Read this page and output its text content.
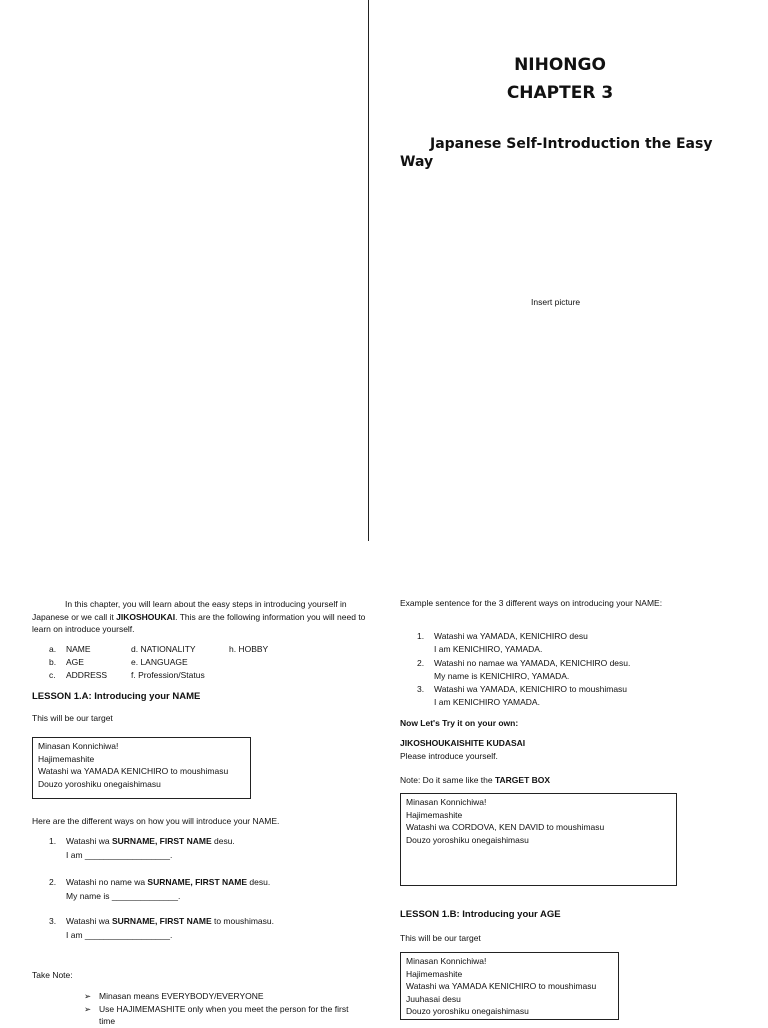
NIHONGO
CHAPTER 3
Japanese Self-Introduction the Easy Way
Insert picture
In this chapter, you will learn about the easy steps in introducing yourself in Japanese or we call it JIKOSHOUKAI. This are the following information you will need to learn on introduce yourself.
a. NAME	d. NATIONALITY	h. HOBBY
b. AGE	e. LANGUAGE
c. ADDRESS	f. Profession/Status
LESSON 1.A: Introducing your NAME
This will be our target
Minasan Konnichiwa!
Hajimemashite
Watashi wa YAMADA KENICHIRO to moushimasu
Douzo yoroshiku onegaishimasu
Here are the different ways on how you will introduce your NAME.
1. Watashi wa SURNAME, FIRST NAME desu.
I am __________________.
2. Watashi no name wa SURNAME, FIRST NAME desu.
My name is ______________.
3. Watashi wa SURNAME, FIRST NAME to moushimasu.
I am __________________.
Take Note:
➢ Minasan means EVERYBODY/EVERYONE
➢ Use HAJIMEMASHITE only when you meet the person for the first
time
Example sentence for the 3 different ways on introducing your NAME:
1. Watashi wa YAMADA, KENICHIRO desu
I am KENICHIRO, YAMADA.
2. Watashi no namae wa YAMADA, KENICHIRO desu.
My name is KENICHIRO, YAMADA.
3. Watashi wa YAMADA, KENICHIRO to moushimasu
I am KENICHIRO YAMADA.
Now Let's Try it on your own:
JIKOSHOUKAISHITE KUDASAI
Please introduce yourself.
Note: Do it same like the TARGET BOX
Minasan Konnichiwa!
Hajimemashite
Watashi wa CORDOVA, KEN DAVID to moushimasu
Douzo yoroshiku onegaishimasu
LESSON 1.B: Introducing your AGE
This will be our target
Minasan Konnichiwa!
Hajimemashite
Watashi wa YAMADA KENICHIRO to moushimasu
Juuhasai desu
Douzo yoroshiku onegaishimasu
